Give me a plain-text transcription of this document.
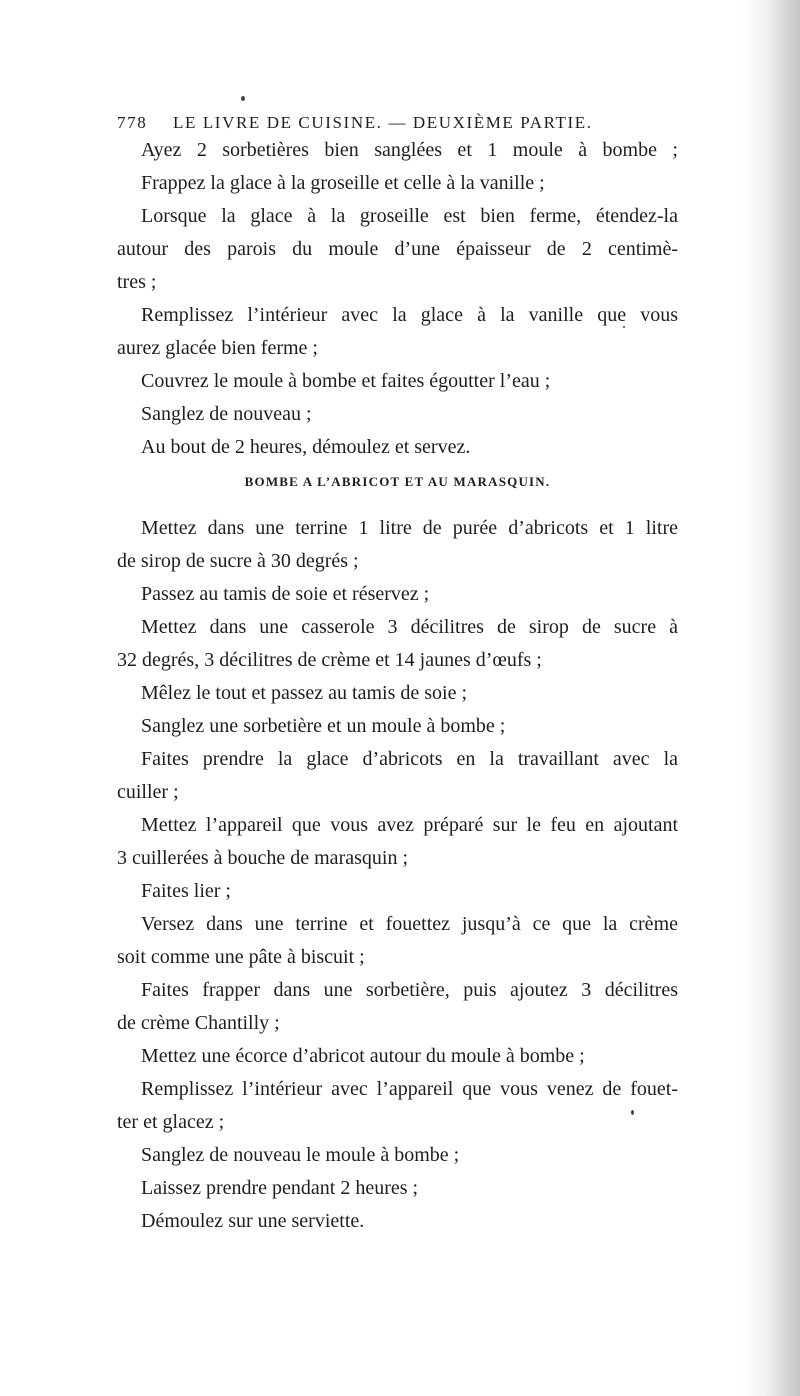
778 LE LIVRE DE CUISINE. — DEUXIÈME PARTIE.
Ayez 2 sorbetières bien sanglées et 1 moule à bombe ;
Frappez la glace à la groseille et celle à la vanille ;
Lorsque la glace à la groseille est bien ferme, étendez-la
autour des parois du moule d’une épaisseur de 2 centimè-
tres ;
Remplissez l’intérieur avec la glace à la vanille que vous
aurez glacée bien ferme ;
Couvrez le moule à bombe et faites égoutter l’eau ;
Sanglez de nouveau ;
Au bout de 2 heures, démoulez et servez.
BOMBE A L’ABRICOT ET AU MARASQUIN.
Mettez dans une terrine 1 litre de purée d’abricots et 1 litre
de sirop de sucre à 30 degrés ;
Passez au tamis de soie et réservez ;
Mettez dans une casserole 3 décilitres de sirop de sucre à
32 degrés, 3 décilitres de crème et 14 jaunes d’œufs ;
Mêlez le tout et passez au tamis de soie ;
Sanglez une sorbetière et un moule à bombe ;
Faites prendre la glace d’abricots en la travaillant avec la
cuiller ;
Mettez l’appareil que vous avez préparé sur le feu en ajoutant
3 cuillerées à bouche de marasquin ;
Faites lier ;
Versez dans une terrine et fouettez jusqu’à ce que la crème
soit comme une pâte à biscuit ;
Faites frapper dans une sorbetière, puis ajoutez 3 décilitres
de crème Chantilly ;
Mettez une écorce d’abricot autour du moule à bombe ;
Remplissez l’intérieur avec l’appareil que vous venez de fouet-
ter et glacez ;
Sanglez de nouveau le moule à bombe ;
Laissez prendre pendant 2 heures ;
Démoulez sur une serviette.
